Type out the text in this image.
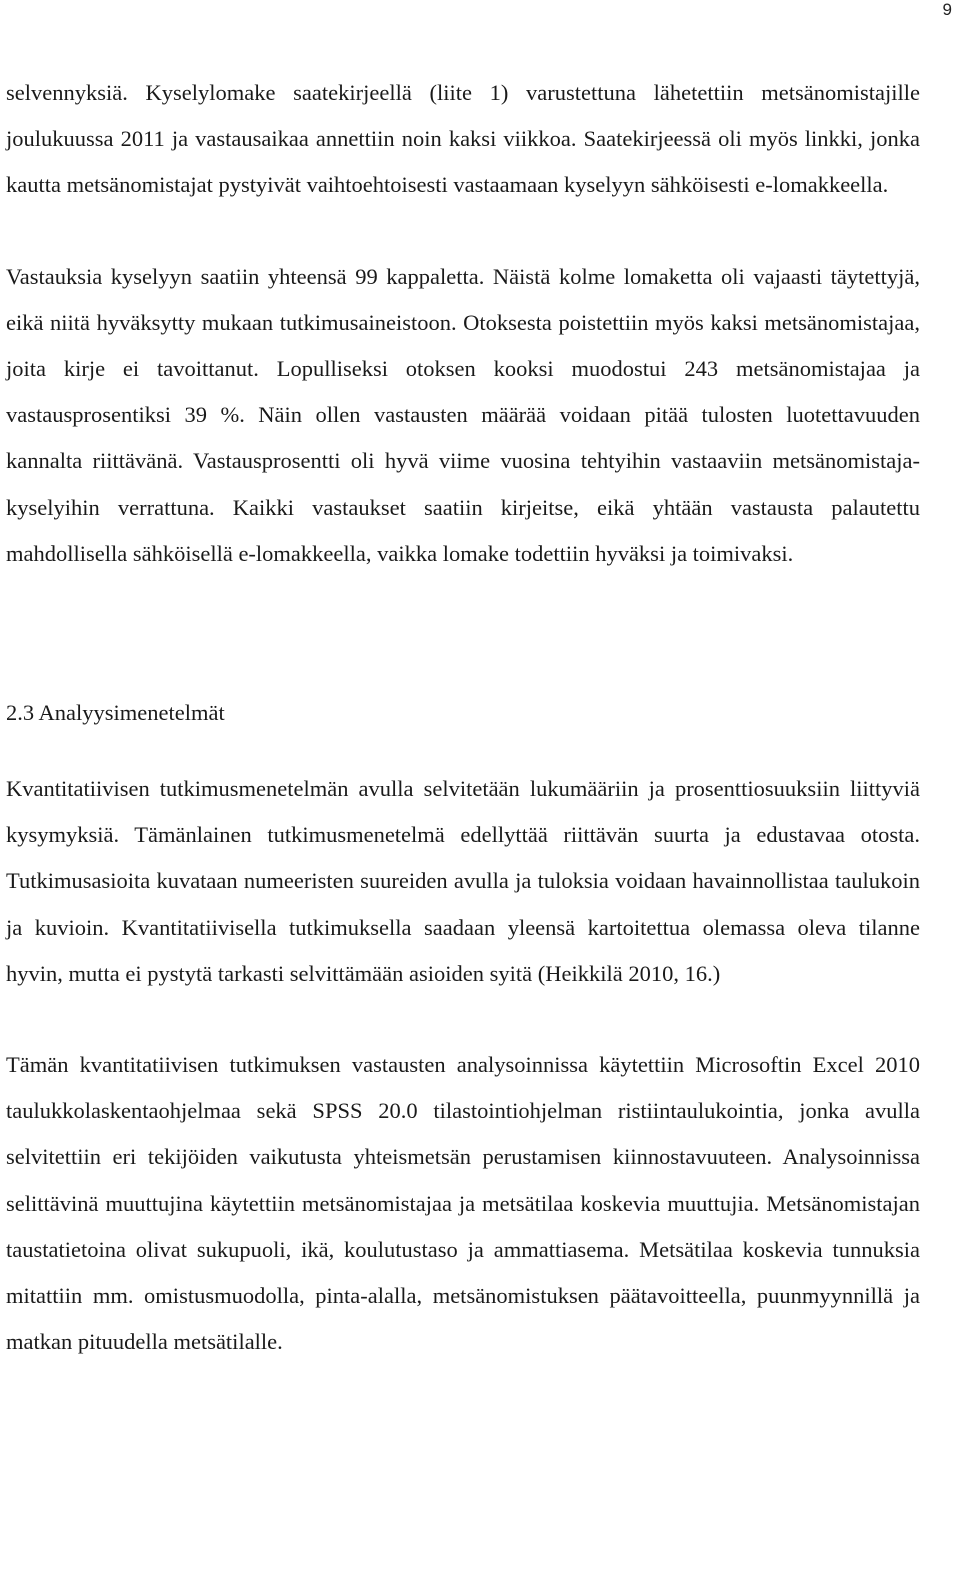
9

selvennyksiä. Kyselylomake saatekirjeellä (liite 1) varustettuna lähetettiin metsänomistajille joulukuussa 2011 ja vastausaikaa annettiin noin kaksi viikkoa. Saatekirjeessä oli myös linkki, jonka kautta metsänomistajat pystyivät vaihtoehtoisesti vastaamaan kyselyyn sähköisesti e-lomakkeella.

Vastauksia kyselyyn saatiin yhteensä 99 kappaletta. Näistä kolme lomaketta oli vajaasti täytettyjä, eikä niitä hyväksytty mukaan tutkimusaineistoon. Otoksesta poistettiin myös kaksi metsänomistajaa, joita kirje ei tavoittanut. Lopulliseksi otoksen kooksi muodostui 243 metsänomistajaa ja vastausprosentiksi 39 %. Näin ollen vastausten määrää voidaan pitää tulosten luotettavuuden kannalta riittävänä. Vastausprosentti oli hyvä viime vuosina tehtyihin vastaaviin metsänomistaja-kyselyihin verrattuna. Kaikki vastaukset saatiin kirjeitse, eikä yhtään vastausta palautettu mahdollisella sähköisellä e-lomakkeella, vaikka lomake todettiin hyväksi ja toimivaksi.

2.3 Analyysimenetelmät

Kvantitatiivisen tutkimusmenetelmän avulla selvitetään lukumääriin ja prosenttiosuuksiin liittyviä kysymyksiä. Tämänlainen tutkimusmenetelmä edellyttää riittävän suurta ja edustavaa otosta. Tutkimusasioita kuvataan numeeristen suureiden avulla ja tuloksia voidaan havainnollistaa taulukoin ja kuvioin. Kvantitatiivisella tutkimuksella saadaan yleensä kartoitettua olemassa oleva tilanne hyvin, mutta ei pystytä tarkasti selvittämään asioiden syitä (Heikkilä 2010, 16.)

Tämän kvantitatiivisen tutkimuksen vastausten analysoinnissa käytettiin Microsoftin Excel 2010 taulukkolaskentaohjelmaa sekä SPSS 20.0 tilastointiohjelman ristiintaulukointia, jonka avulla selvitettiin eri tekijöiden vaikutusta yhteismetsän perustamisen kiinnostavuuteen. Analysoinnissa selittävinä muuttujina käytettiin metsänomistajaa ja metsätilaa koskevia muuttujia. Metsänomistajan taustatietoina olivat sukupuoli, ikä, koulutustaso ja ammattiasema. Metsätilaa koskevia tunnuksia mitattiin mm. omistusmuodolla, pinta-alalla, metsänomistuksen päätavoitteella, puunmyynnillä ja matkan pituudella metsätilalle.
